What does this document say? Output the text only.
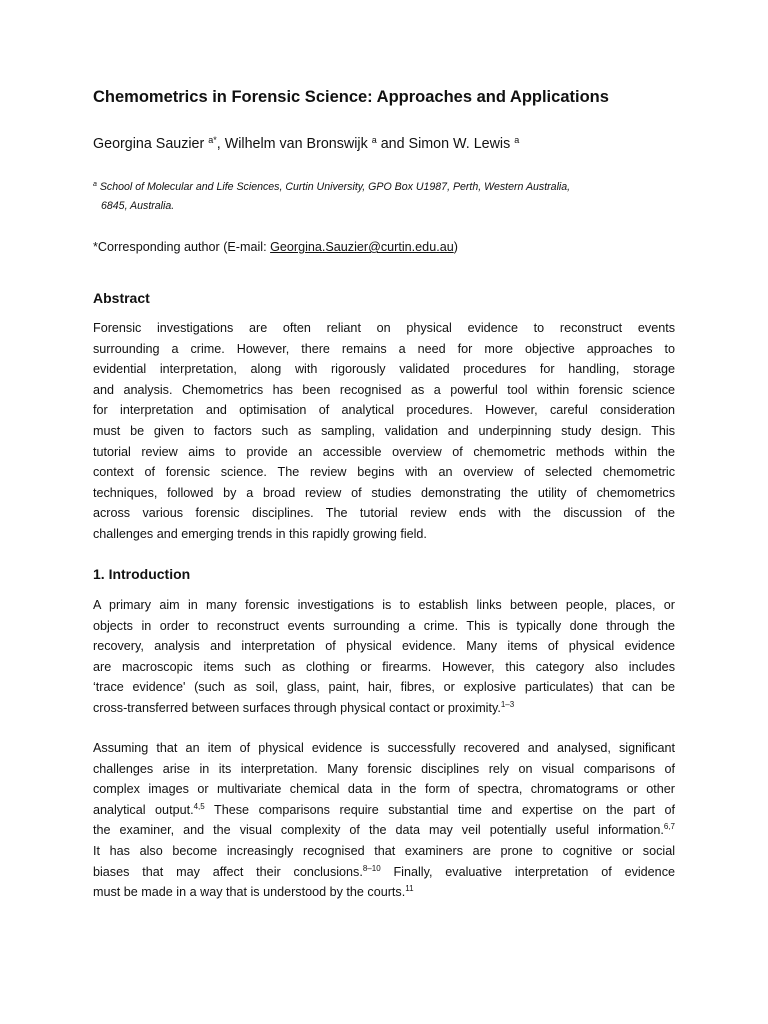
Chemometrics in Forensic Science: Approaches and Applications

Georgina Sauzier $^{a*}$, Wilhelm van Bronswijk $^a$ and Simon W. Lewis $^a$

$^a$ School of Molecular and Life Sciences, Curtin University, GPO Box U1987, Perth, Western Australia,
6845, Australia.

*Corresponding author (E-mail: Georgina.Sauzier@curtin.edu.au)

Abstract
Forensic investigations are often reliant on physical evidence to reconstruct events
surrounding a crime. However, there remains a need for more objective approaches to
evidential interpretation, along with rigorously validated procedures for handling, storage
and analysis. Chemometrics has been recognised as a powerful tool within forensic science
for interpretation and optimisation of analytical procedures. However, careful consideration
must be given to factors such as sampling, validation and underpinning study design. This
tutorial review aims to provide an accessible overview of chemometric methods within the
context of forensic science. The review begins with an overview of selected chemometric
techniques, followed by a broad review of studies demonstrating the utility of chemometrics
across various forensic disciplines. The tutorial review ends with the discussion of the
challenges and emerging trends in this rapidly growing field.
1. Introduction
A primary aim in many forensic investigations is to establish links between people, places, or
objects in order to reconstruct events surrounding a crime. This is typically done through the
recovery, analysis and interpretation of physical evidence. Many items of physical evidence
are macroscopic items such as clothing or firearms. However, this category also includes
‘trace evidence' (such as soil, glass, paint, hair, fibres, or explosive particulates) that can be
cross-transferred between surfaces through physical contact or proximity.$^{1-3}$
Assuming that an item of physical evidence is successfully recovered and analysed, significant
challenges arise in its interpretation. Many forensic disciplines rely on visual comparisons of
complex images or multivariate chemical data in the form of spectra, chromatograms or other
analytical output.$^{4,5}$ These comparisons require substantial time and expertise on the part of
the examiner, and the visual complexity of the data may veil potentially useful information.$^{6,7}$
It has also become increasingly recognised that examiners are prone to cognitive or social
biases that may affect their conclusions.$^{8-10}$ Finally, evaluative interpretation of evidence
must be made in a way that is understood by the courts.$^{11}$
